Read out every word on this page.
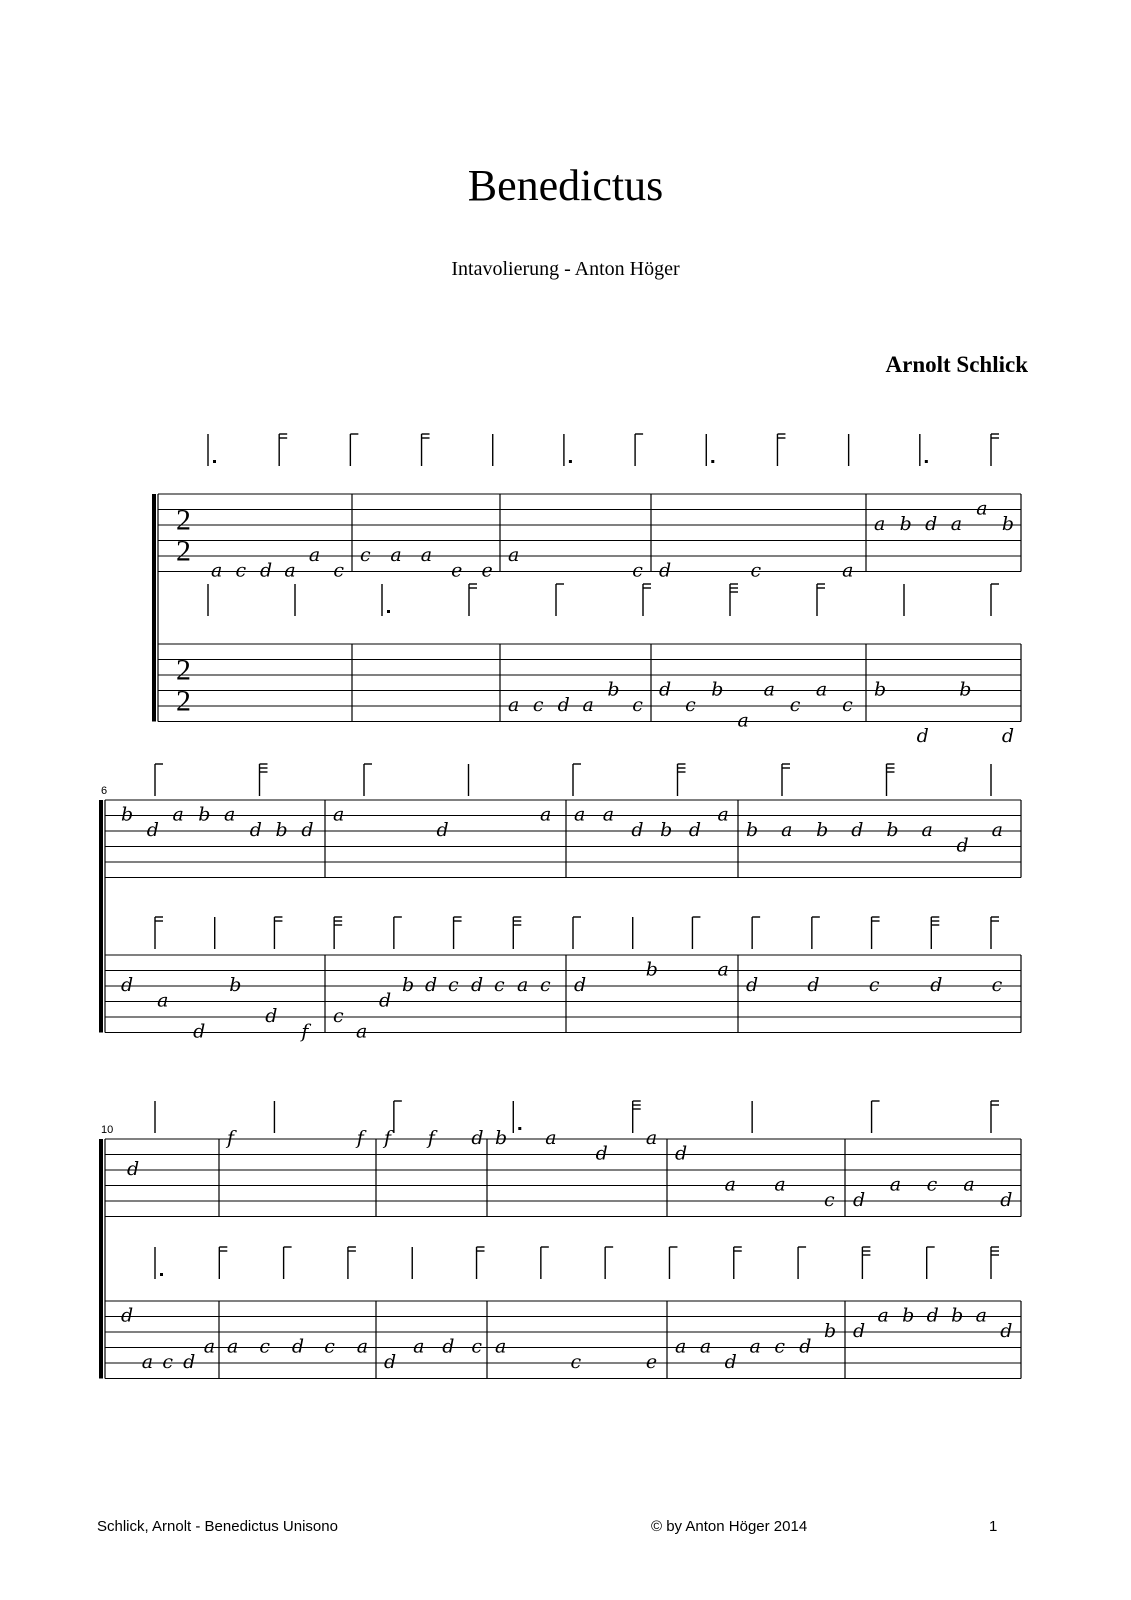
Benedictus
Intavolierung - Anton Höger
Arnolt Schlick
2
2
a c d a
a
c
c a a
e e
a
c d	c	a
a b d a
a
b
2
2	a c d a
b
c
d
c
b
a
a
c
a
c
b
d
b
d
6
b
d
a b a
d b d
a
d
a a a
d b d
a
b a b d b a
d
a
d
a
d
b
d
f
c
a
d
b d c d c a c d
b	a
d	d	c	d	c
10
d
f	f f f d b a
d
a
d
a a
c d
a c a
d
d
a c d
a a c d c a
d
a d c a
c	e
a a
d
a c d
b d
a b d b a
d
Schlick, Arnolt - Benedictus Unisono	© by Anton Höger 2014	1
